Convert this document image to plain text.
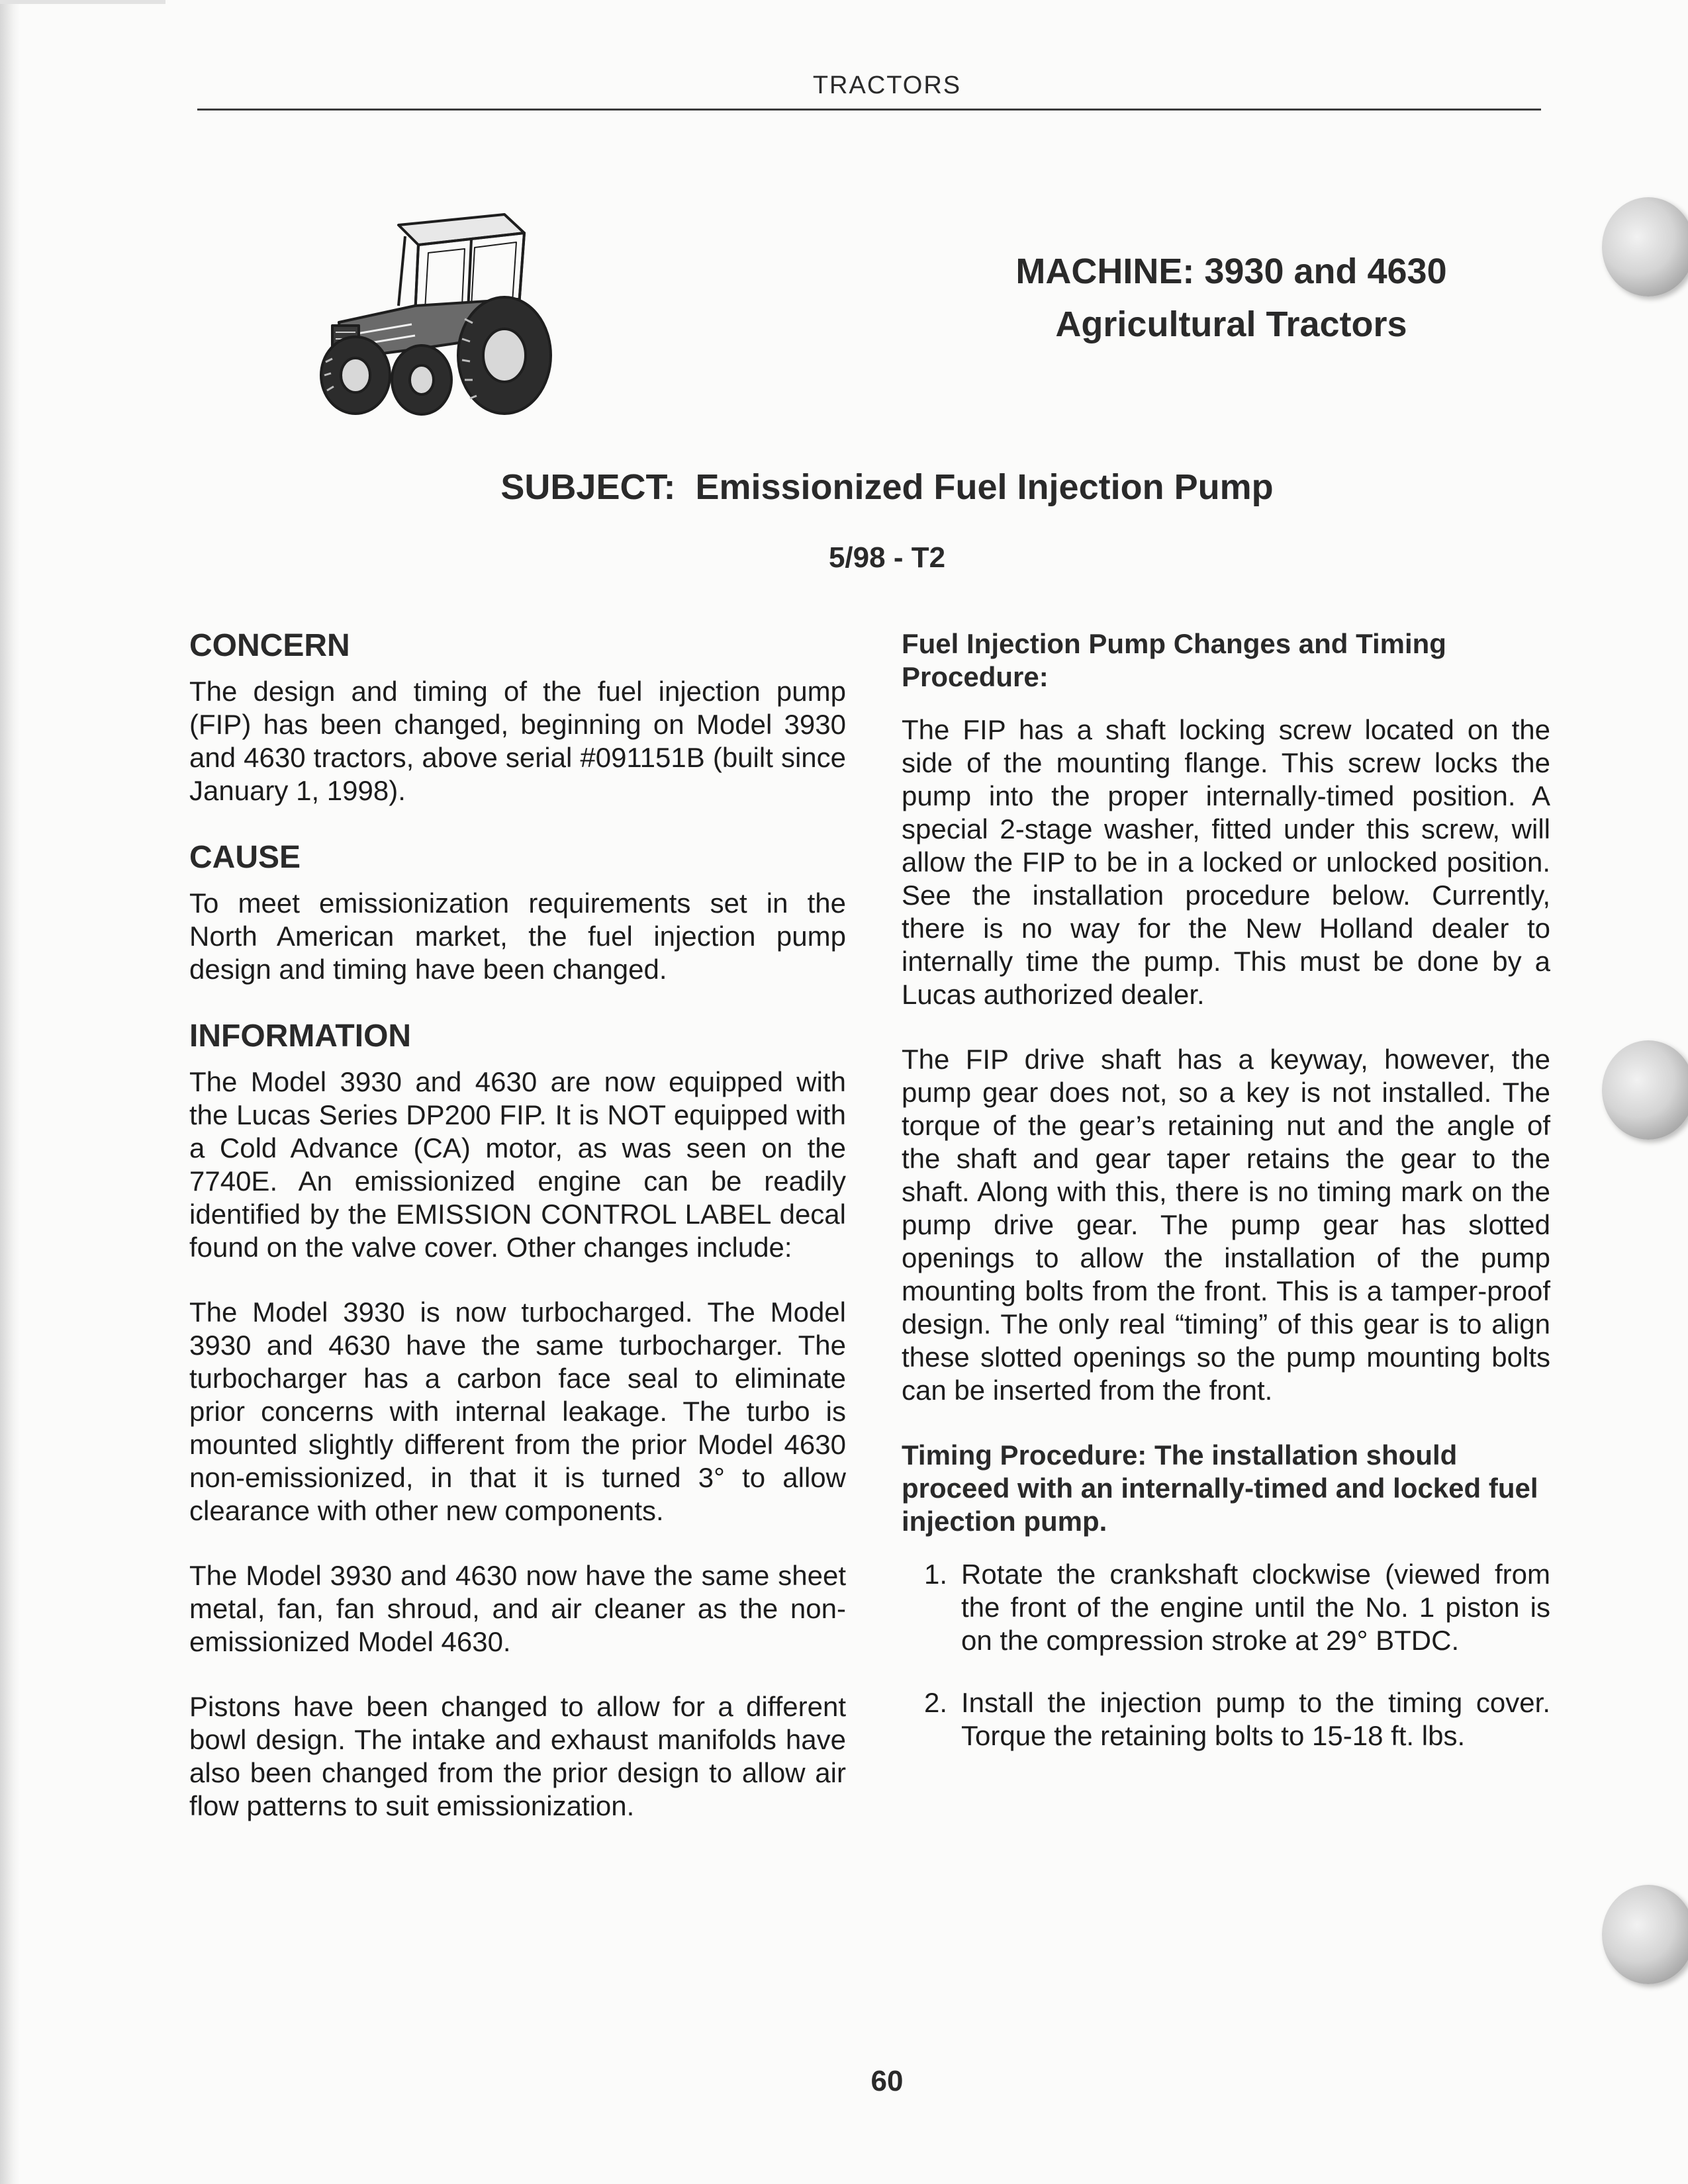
TRACTORS
MACHINE: 3930 and 4630
Agricultural Tractors
SUBJECT: Emissionized Fuel Injection Pump
5/98 - T2
CONCERN

The design and timing of the fuel injection pump (FIP) has been changed, beginning on Model 3930 and 4630 tractors, above serial #091151B (built since January 1, 1998).

CAUSE

To meet emissionization requirements set in the North American market, the fuel injection pump design and timing have been changed.

INFORMATION

The Model 3930 and 4630 are now equipped with the Lucas Series DP200 FIP. It is NOT equipped with a Cold Advance (CA) motor, as was seen on the 7740E. An emissionized engine can be readily identified by the EMISSION CONTROL LABEL decal found on the valve cover. Other changes include:

The Model 3930 is now turbocharged. The Model 3930 and 4630 have the same turbocharger. The turbocharger has a carbon face seal to eliminate prior concerns with internal leakage. The turbo is mounted slightly different from the prior Model 4630 non-emissionized, in that it is turned 3° to allow clearance with other new components.

The Model 3930 and 4630 now have the same sheet metal, fan, fan shroud, and air cleaner as the non-emissionized Model 4630.

Pistons have been changed to allow for a different bowl design. The intake and exhaust manifolds have also been changed from the prior design to allow air flow patterns to suit emissionization.

Fuel Injection Pump Changes and Timing Procedure:

The FIP has a shaft locking screw located on the side of the mounting flange. This screw locks the pump into the proper internally-timed position. A special 2-stage washer, fitted under this screw, will allow the FIP to be in a locked or unlocked position. See the installation procedure below. Currently, there is no way for the New Holland dealer to internally time the pump. This must be done by a Lucas authorized dealer.

The FIP drive shaft has a keyway, however, the pump gear does not, so a key is not installed. The torque of the gear’s retaining nut and the angle of the shaft and gear taper retains the gear to the shaft. Along with this, there is no timing mark on the pump drive gear. The pump gear has slotted openings to allow the installation of the pump mounting bolts from the front. This is a tamper-proof design. The only real “timing” of this gear is to align these slotted openings so the pump mounting bolts can be inserted from the front.

Timing Procedure: The installation should proceed with an internally-timed and locked fuel injection pump.
1. Rotate the crankshaft clockwise (viewed from the front of the engine until the No. 1 piston is on the compression stroke at 29° BTDC.
2. Install the injection pump to the timing cover. Torque the retaining bolts to 15-18 ft. lbs.
60
